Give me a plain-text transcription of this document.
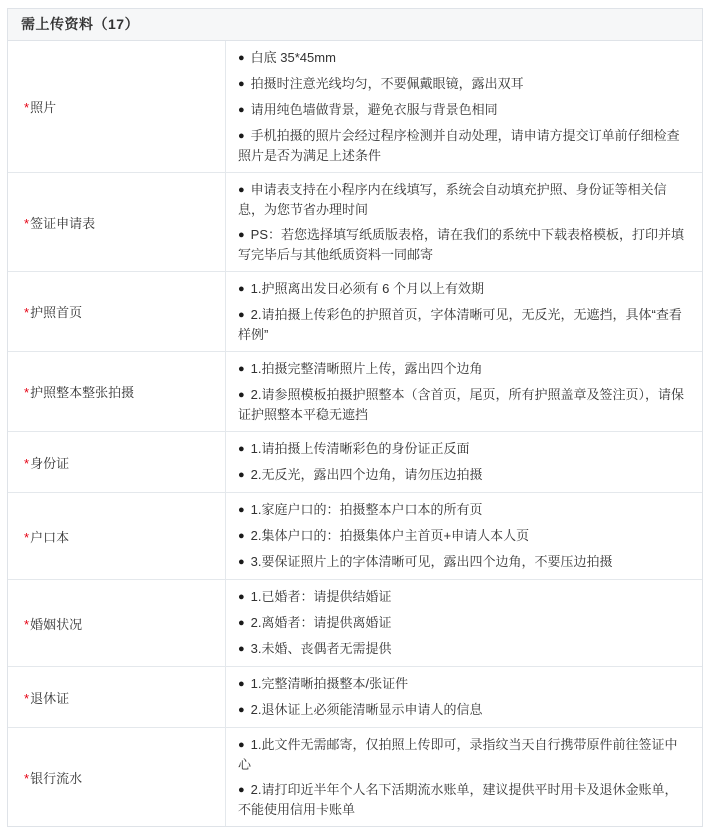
需上传资料（17）
*照片
● 白底 35*45mm
● 拍摄时注意光线均匀，不要佩戴眼镜，露出双耳
● 请用纯色墙做背景，避免衣服与背景色相同
● 手机拍摄的照片会经过程序检测并自动处理，请申请方提交订单前仔细检查照片是否为满足上述条件
*签证申请表
● 申请表支持在小程序内在线填写，系统会自动填充护照、身份证等相关信息，为您节省办理时间
● PS：若您选择填写纸质版表格，请在我们的系统中下载表格模板，打印并填写完毕后与其他纸质资料一同邮寄
*护照首页
● 1.护照离出发日必须有 6 个月以上有效期
● 2.请拍摄上传彩色的护照首页，字体清晰可见，无反光，无遮挡，具体“查看样例”
*护照整本整张拍摄
● 1.拍摄完整清晰照片上传，露出四个边角
● 2.请参照模板拍摄护照整本（含首页，尾页，所有护照盖章及签注页），请保证护照整本平稳无遮挡
*身份证
● 1.请拍摄上传清晰彩色的身份证正反面
● 2.无反光，露出四个边角，请勿压边拍摄
*户口本
● 1.家庭户口的：拍摄整本户口本的所有页
● 2.集体户口的：拍摄集体户主首页+申请人本人页
● 3.要保证照片上的字体清晰可见，露出四个边角，不要压边拍摄
*婚姻状况
● 1.已婚者：请提供结婚证
● 2.离婚者：请提供离婚证
● 3.未婚、丧偶者无需提供
*退休证
● 1.完整清晰拍摄整本/张证件
● 2.退休证上必须能清晰显示申请人的信息
*银行流水
● 1.此文件无需邮寄，仅拍照上传即可，录指纹当天自行携带原件前往签证中心
● 2.请打印近半年个人名下活期流水账单，建议提供平时用卡及退休金账单，不能使用信用卡账单
